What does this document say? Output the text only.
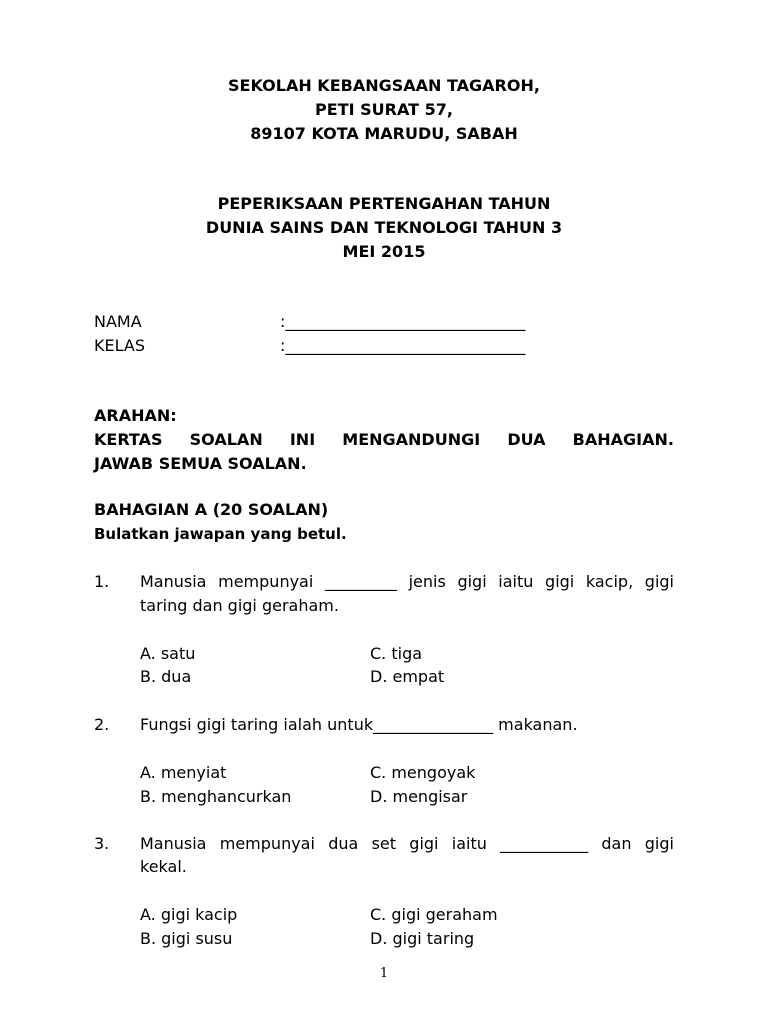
SEKOLAH KEBANGSAAN TAGAROH,
PETI SURAT 57,
89107 KOTA MARUDU, SABAH
PEPERIKSAAN PERTENGAHAN TAHUN
DUNIA SAINS DAN TEKNOLOGI TAHUN 3
MEI 2015
NAMA	:______________________________
KELAS	:______________________________
ARAHAN:
KERTAS SOALAN INI MENGANDUNGI DUA BAHAGIAN.
JAWAB SEMUA SOALAN.
BAHAGIAN A (20 SOALAN)
Bulatkan jawapan yang betul.
1. Manusia mempunyai _________ jenis gigi iaitu gigi kacip, gigi
taring dan gigi geraham.
A. satu	C. tiga
B. dua	D. empat
2. Fungsi gigi taring ialah untuk_______________ makanan.
A. menyiat	C. mengoyak
B. menghancurkan	D. mengisar
3. Manusia mempunyai dua set gigi iaitu ___________ dan gigi
kekal.
A. gigi kacip	C. gigi geraham
B. gigi susu	D. gigi taring
1
